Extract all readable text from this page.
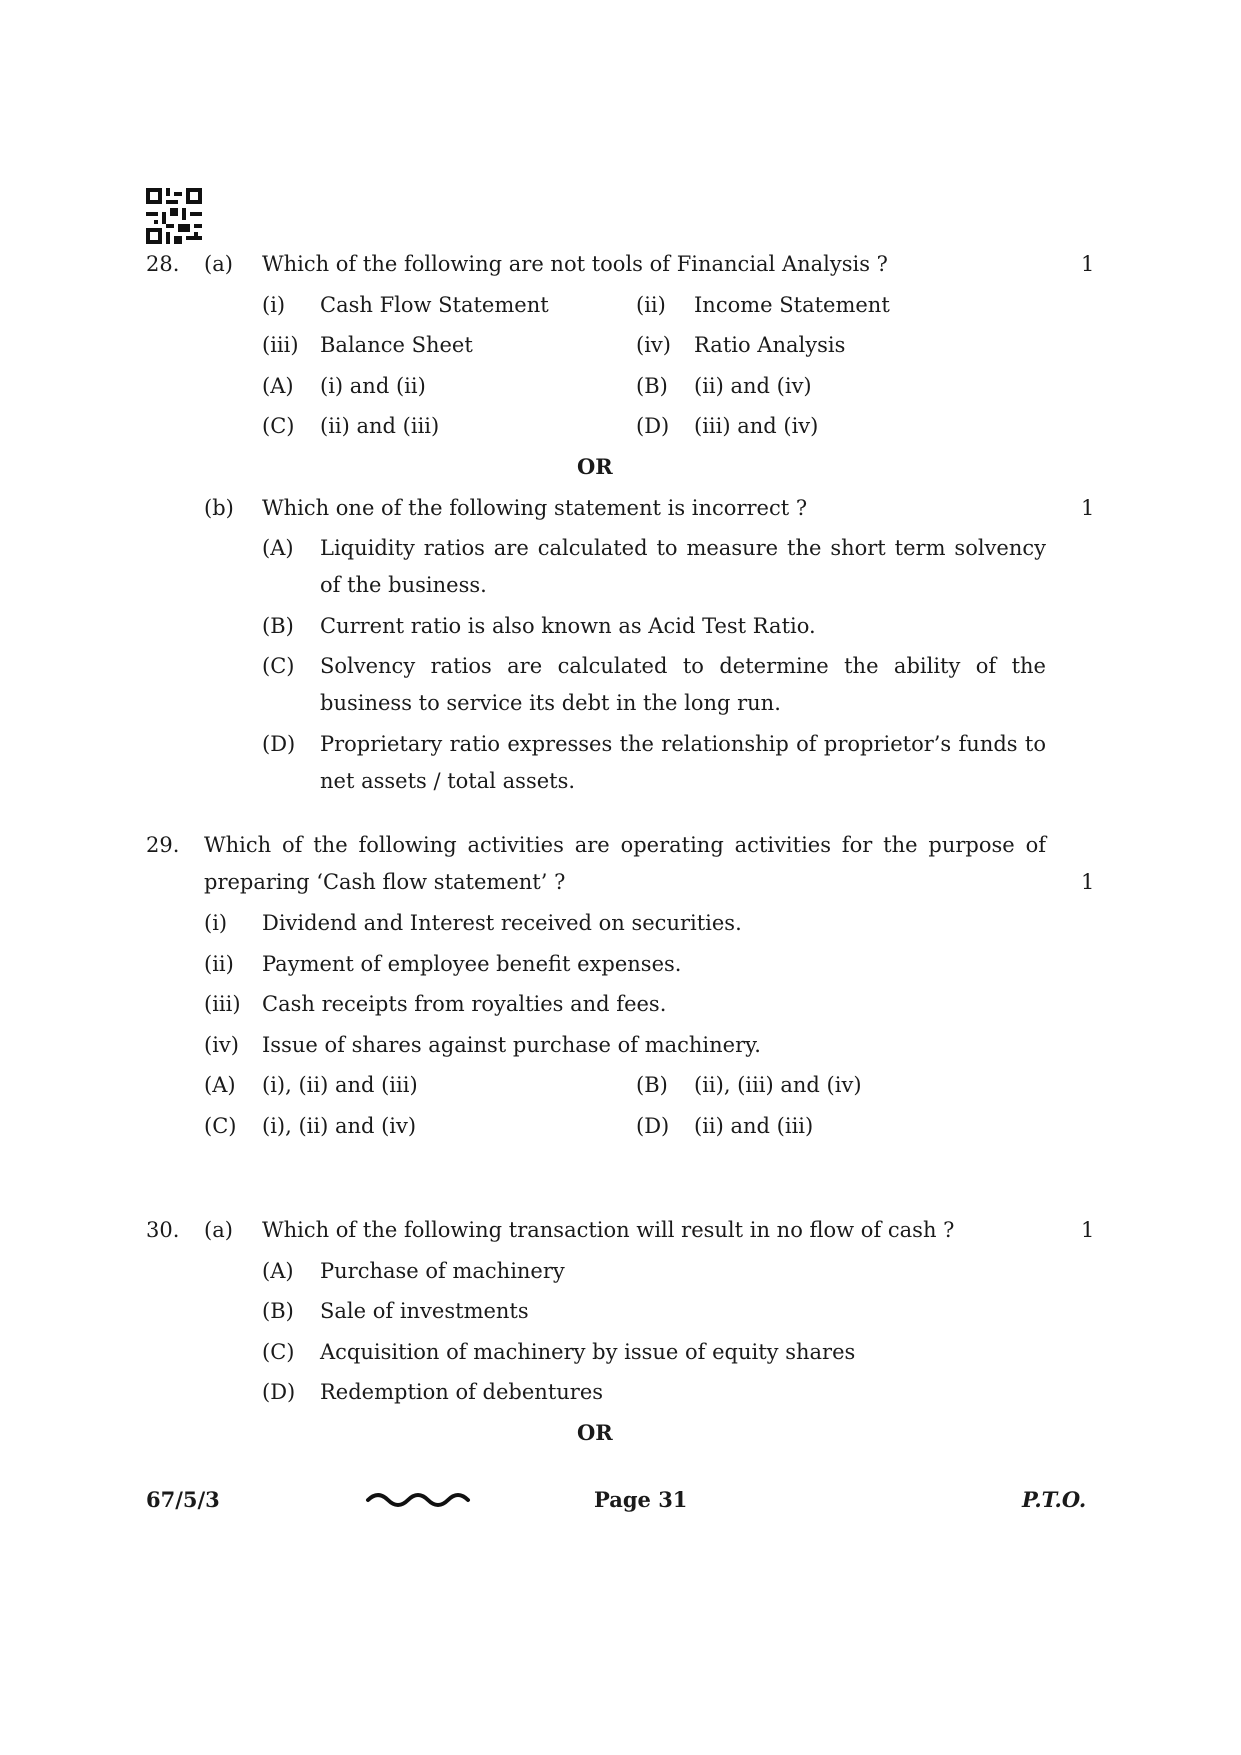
28. (a) Which of the following are not tools of Financial Analysis ?	1
(i) Cash Flow Statement	(ii) Income Statement
(iii) Balance Sheet	(iv) Ratio Analysis
(A) (i) and (ii)	(B) (ii) and (iv)
(C) (ii) and (iii)	(D) (iii) and (iv)
OR
(b) Which one of the following statement is incorrect ?	1
(A) Liquidity ratios are calculated to measure the short term solvency of the business.
(B) Current ratio is also known as Acid Test Ratio.
(C) Solvency ratios are calculated to determine the ability of the business to service its debt in the long run.
(D) Proprietary ratio expresses the relationship of proprietor’s funds to net assets / total assets.
29. Which of the following activities are operating activities for the purpose of preparing ‘Cash flow statement’ ?	1
(i) Dividend and Interest received on securities.
(ii) Payment of employee benefit expenses.
(iii) Cash receipts from royalties and fees.
(iv) Issue of shares against purchase of machinery.
(A) (i), (ii) and (iii)	(B) (ii), (iii) and (iv)
(C) (i), (ii) and (iv)	(D) (ii) and (iii)
30. (a) Which of the following transaction will result in no flow of cash ?	1
(A) Purchase of machinery
(B) Sale of investments
(C) Acquisition of machinery by issue of equity shares
(D) Redemption of debentures
OR
67/5/3	Page 31	P.T.O.
